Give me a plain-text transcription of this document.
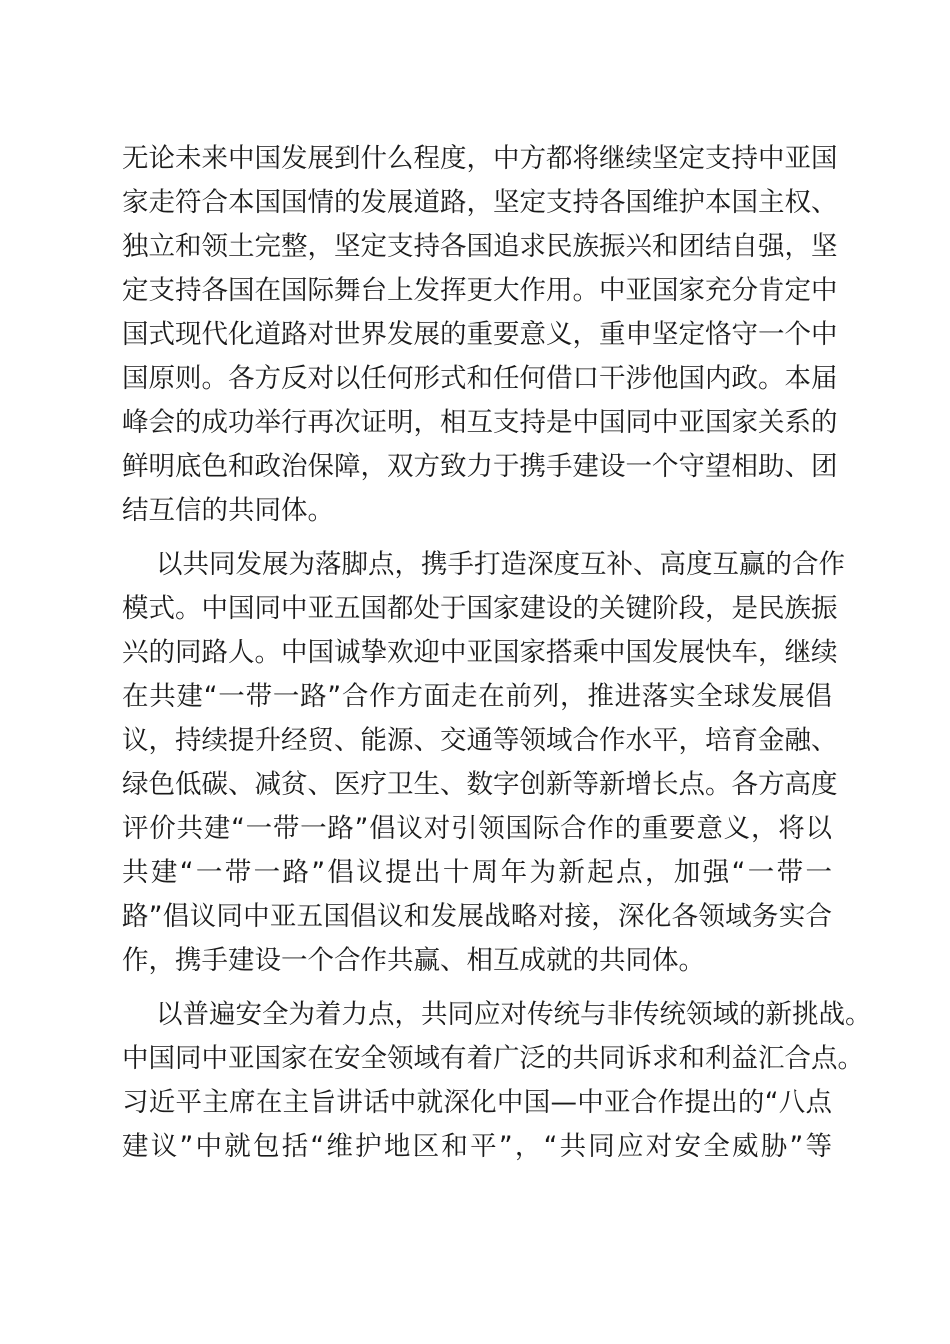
无论未来中国发展到什么程度，中方都将继续坚定支持中亚国
家走符合本国国情的发展道路，坚定支持各国维护本国主权、
独立和领土完整，坚定支持各国追求民族振兴和团结自强，坚
定支持各国在国际舞台上发挥更大作用。中亚国家充分肯定中
国式现代化道路对世界发展的重要意义，重申坚定恪守一个中
国原则。各方反对以任何形式和任何借口干涉他国内政。本届
峰会的成功举行再次证明，相互支持是中国同中亚国家关系的
鲜明底色和政治保障，双方致力于携手建设一个守望相助、团
结互信的共同体。
以共同发展为落脚点，携手打造深度互补、高度互赢的合作
模式。中国同中亚五国都处于国家建设的关键阶段，是民族振
兴的同路人。中国诚挚欢迎中亚国家搭乘中国发展快车，继续
在共建“一带一路”合作方面走在前列，推进落实全球发展倡
议，持续提升经贸、能源、交通等领域合作水平，培育金融、
绿色低碳、减贫、医疗卫生、数字创新等新增长点。各方高度
评价共建“一带一路”倡议对引领国际合作的重要意义，将以
共建“一带一路”倡议提出十周年为新起点，加强“一带一
路”倡议同中亚五国倡议和发展战略对接，深化各领域务实合
作，携手建设一个合作共赢、相互成就的共同体。
以普遍安全为着力点，共同应对传统与非传统领域的新挑战。
中国同中亚国家在安全领域有着广泛的共同诉求和利益汇合点。
习近平主席在主旨讲话中就深化中国—中亚合作提出的“八点
建议”中就包括“维护地区和平”，“共同应对安全威胁”等
